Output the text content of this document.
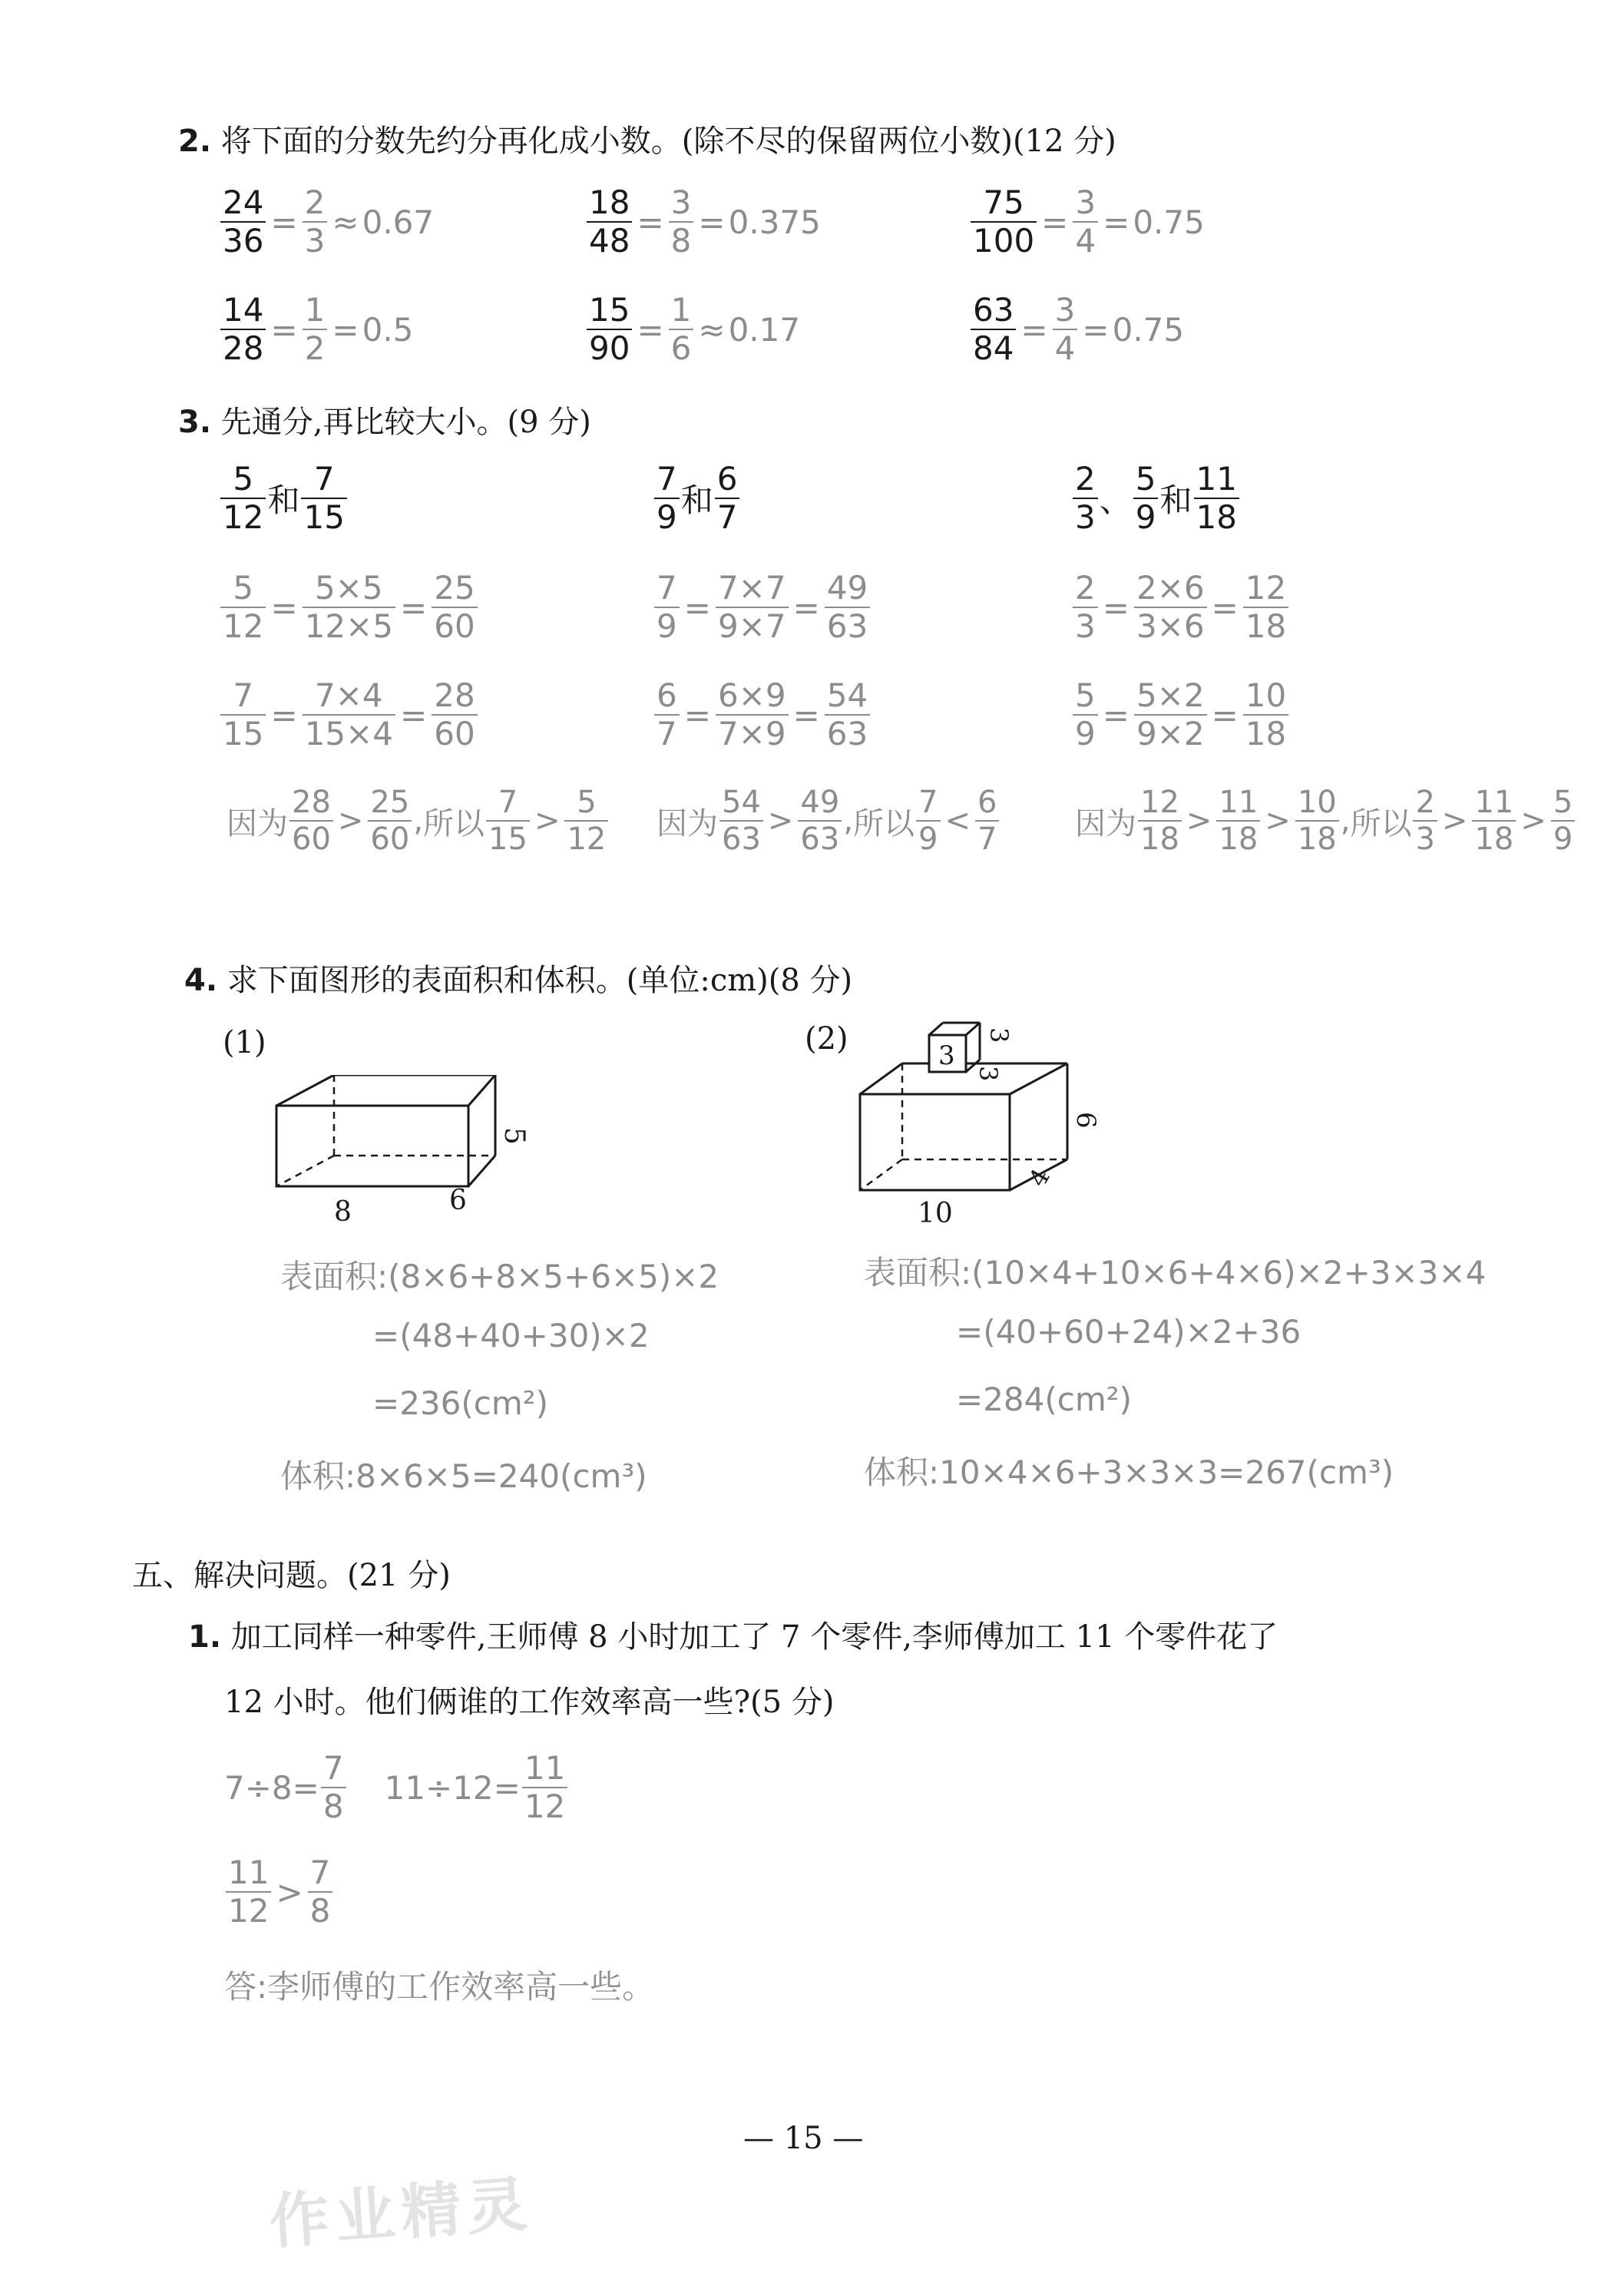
2. 将下面的分数先约分再化成小数。(除不尽的保留两位小数)(12 分)
$\frac{24}{36} = \frac{2}{3} \approx 0.67$	$\frac{18}{48} = \frac{3}{8} = 0.375$	$\frac{75}{100} = \frac{3}{4} = 0.75$
$\frac{14}{28} = \frac{1}{2} = 0.5$	$\frac{15}{90} = \frac{1}{6} \approx 0.17$	$\frac{63}{84} = \frac{3}{4} = 0.75$
3. 先通分,再比较大小。(9 分)
$\frac{5}{12}$ 和 $\frac{7}{15}$	$\frac{7}{9}$ 和 $\frac{6}{7}$	$\frac{2}{3}$ 、 $\frac{5}{9}$ 和 $\frac{11}{18}$
$\frac{5}{12} = \frac{5\times 5}{12\times 5} = \frac{25}{60}$
$\frac{7}{15} = \frac{7\times 4}{15\times 4} = \frac{28}{60}$
$\frac{7}{9} = \frac{7\times 7}{9\times 7} = \frac{49}{63}$
$\frac{6}{7} = \frac{6\times 9}{7\times 9} = \frac{54}{63}$
$\frac{2}{3} = \frac{2\times 6}{3\times 6} = \frac{12}{18}$
$\frac{5}{9} = \frac{5\times 2}{9\times 2} = \frac{10}{18}$
因为 $\frac{28}{60} > \frac{25}{60}$ , 所以 $\frac{7}{15} > \frac{5}{12}$ 因为 $\frac{54}{63} > \frac{49}{63}$ , 所以 $\frac{7}{9} < \frac{6}{7}$ 因为 $\frac{12}{18} > \frac{11}{18} > \frac{10}{18}$ , 所以 $\frac{2}{3} > \frac{11}{18} > \frac{5}{9}$
4. 求下面图形的表面积和体积。(单位:cm)(8 分)
(1)	(2)
8	6
5
3
3
3
10
4
6
表面积:(8×6+8×5+6×5)×2
=(48+40+30)×2
=236(cm²)
体积:8×6×5=240(cm³)
表面积:(10×4+10×6+4×6)×2+3×3×4
=(40+60+24)×2+36
=284(cm²)
体积:10×4×6+3×3×3=267(cm³)
五、解决问题。(21 分)
1. 加工同样一种零件,王师傅 8 小时加工了 7 个零件,李师傅加工 11 个零件花了
12 小时。他们俩谁的工作效率高一些?(5 分)
$7\div 8= \frac{7}{8} 11\div 12= \frac{11}{12}$
$\frac{11}{12} > \frac{7}{8}$
答:李师傅的工作效率高一些。
作业精灵
— 15 —
